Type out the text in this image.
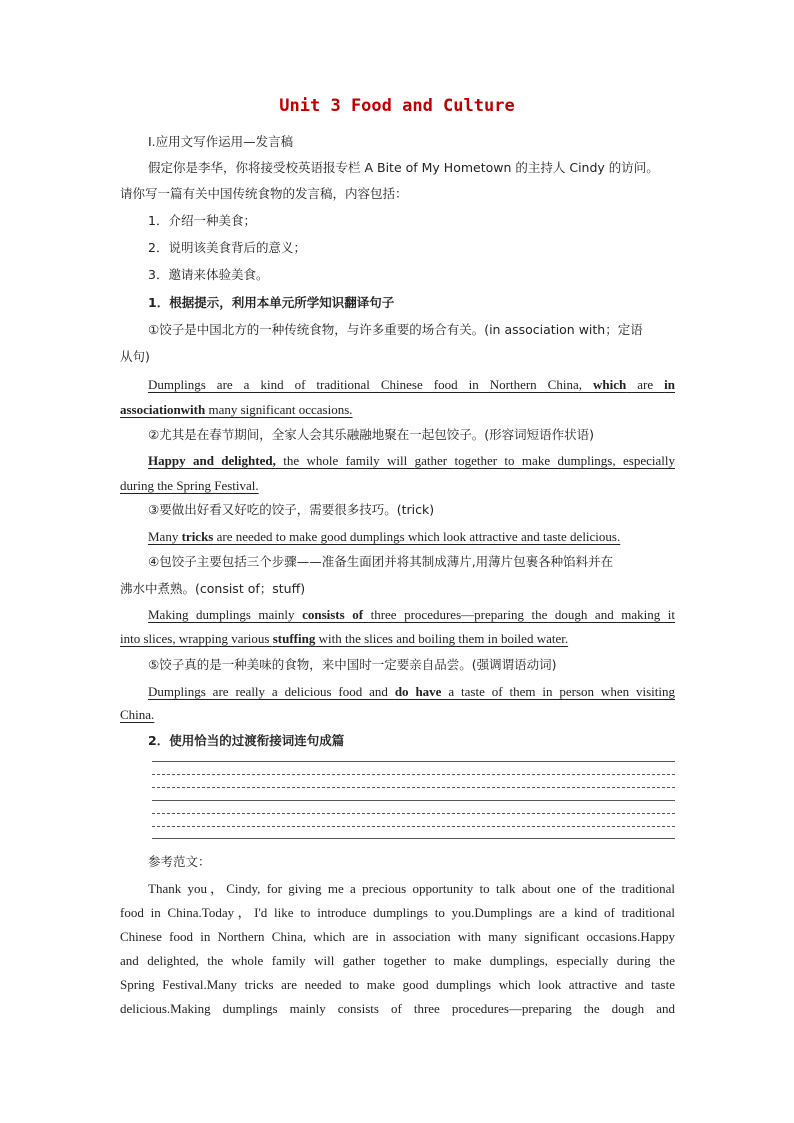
Unit 3 Food and Culture
Ⅰ.应用文写作运用—发言稿
假定你是李华，你将接受校英语报专栏 A Bite of My Hometown 的主持人 Cindy 的访问。
请你写一篇有关中国传统食物的发言稿，内容包括：
1．介绍一种美食；
2．说明该美食背后的意义；
3．邀请来体验美食。
1．根据提示，利用本单元所学知识翻译句子
①饺子是中国北方的一种传统食物，与许多重要的场合有关。(in association with；定语
从句)
Dumplings are a kind of traditional Chinese food in Northern China, which are in
associationwith many significant occasions.
②尤其是在春节期间，全家人会其乐融融地聚在一起包饺子。(形容词短语作状语)
Happy and delighted, the whole family will gather together to make dumplings, especially
during the Spring Festival.
③要做出好看又好吃的饺子，需要很多技巧。(trick)
Many tricks are needed to make good dumplings which look attractive and taste delicious.
④包饺子主要包括三个步骤——准备生面团并将其制成薄片,用薄片包裹各种馅料并在
沸水中煮熟。(consist of；stuff)
Making dumplings mainly consists of three procedures—preparing the dough and making it
into slices, wrapping various stuffing with the slices and boiling them in boiled water.
⑤饺子真的是一种美味的食物，来中国时一定要亲自品尝。(强调谓语动词)
Dumplings are really a delicious food and do have a taste of them in person when visiting
China.
2．使用恰当的过渡衔接词连句成篇
参考范文：
Thank you，Cindy, for giving me a precious opportunity to talk about one of the traditional
food in China.Today，I'd like to introduce dumplings to you.Dumplings are a kind of traditional
Chinese food in Northern China, which are in association with many significant occasions.Happy
and delighted, the whole family will gather together to make dumplings, especially during the
Spring Festival.Many tricks are needed to make good dumplings which look attractive and taste
delicious.Making dumplings mainly consists of three procedures—preparing the dough and
